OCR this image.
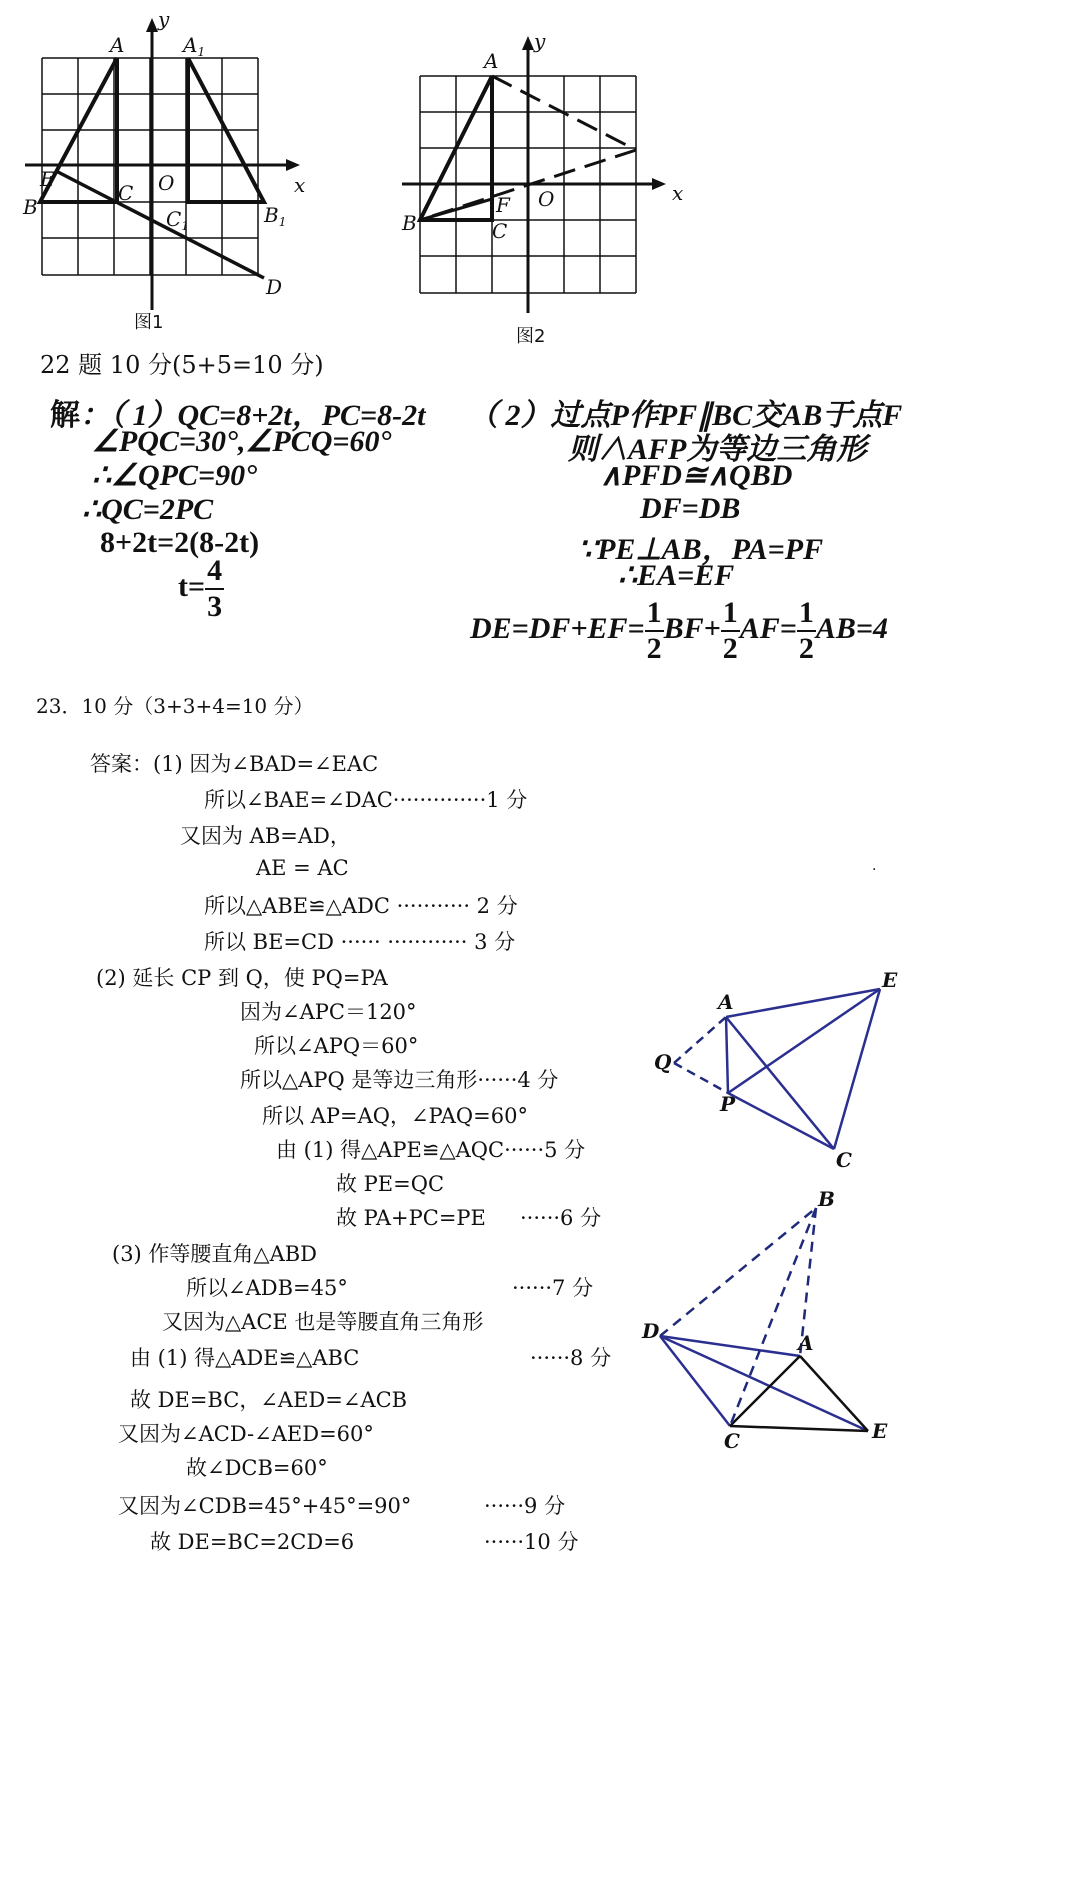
A	$A_1$
y
x
E
B
C O
$C_1$	$B_1$
D
图1
A
y
x
B
F
C
O
图2
22 题 10 分(5+5=10 分)
解：（ 1）QC=8+2t，PC=8-2t
∠PQC=30°,∠PCQ=60°
∴∠QPC=90°
∴QC=2PC
8+2t=2(8-2t)
$t= \frac{4}{3}$
（ 2）过点P作PF∥BC交AB于点F
则∧AFP为等边三角形
∧PFD≅∧QBD
DF=DB
∵PE⊥AB，PA=PF
∴EA=EF
$DE=DF+EF= \frac{1}{2} BF+ \frac{1}{2} AF= \frac{1}{2} AB=4$
23．10 分（3+3+4=10 分）
答案：(1) 因为∠BAD=∠EAC
所以∠BAE=∠DAC··············1 分
又因为 AB=AD，
AE = AC
所以△ABE≌△ADC ··········· 2 分
所以 BE=CD ······ ············ 3 分
(2) 延长 CP 到 Q，使 PQ=PA
因为∠APC＝120°
所以∠APQ＝60°
所以△APQ 是等边三角形······4 分
所以 AP=AQ，∠PAQ=60°
由 (1) 得△APE≌△AQC······5 分
故 PE=QC
故 PA+PC=PE ······6 分
(3) 作等腰直角△ABD
所以∠ADB=45°	······7 分
又因为△ACE 也是等腰直角三角形
由 (1) 得△ADE≌△ABC	······8 分
故 DE=BC，∠AED=∠ACB
又因为∠ACD-∠AED=60°
故∠DCB=60°
又因为∠CDB=45°+45°=90°	······9 分
故 DE=BC=2CD=6	······10 分
.
A
E
Q
P
C
B
D	A
C	E
